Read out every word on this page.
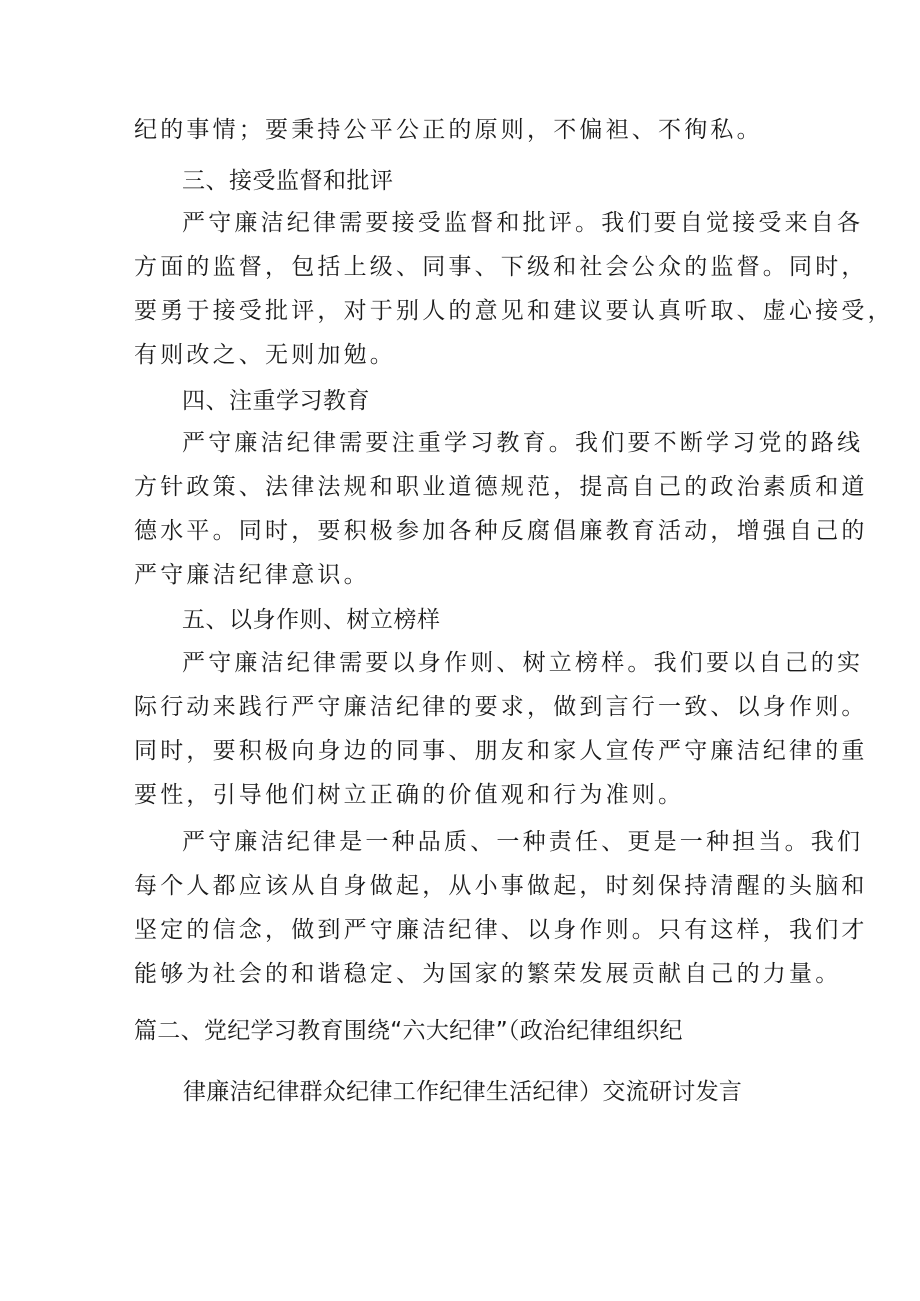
纪的事情；要秉持公平公正的原则，不偏袒、不徇私。
三、接受监督和批评
严守廉洁纪律需要接受监督和批评。我们要自觉接受来自各
方面的监督，包括上级、同事、下级和社会公众的监督。同时，
要勇于接受批评，对于别人的意见和建议要认真听取、虚心接受，
有则改之、无则加勉。
四、注重学习教育
严守廉洁纪律需要注重学习教育。我们要不断学习党的路线
方针政策、法律法规和职业道德规范，提高自己的政治素质和道
德水平。同时，要积极参加各种反腐倡廉教育活动，增强自己的
严守廉洁纪律意识。
五、以身作则、树立榜样
严守廉洁纪律需要以身作则、树立榜样。我们要以自己的实
际行动来践行严守廉洁纪律的要求，做到言行一致、以身作则。
同时，要积极向身边的同事、朋友和家人宣传严守廉洁纪律的重
要性，引导他们树立正确的价值观和行为准则。
严守廉洁纪律是一种品质、一种责任、更是一种担当。我们
每个人都应该从自身做起，从小事做起，时刻保持清醒的头脑和
坚定的信念，做到严守廉洁纪律、以身作则。只有这样，我们才
能够为社会的和谐稳定、为国家的繁荣发展贡献自己的力量。
篇二、党纪学习教育围绕“六大纪律”（政治纪律组织纪
律廉洁纪律群众纪律工作纪律生活纪律）交流研讨发言
